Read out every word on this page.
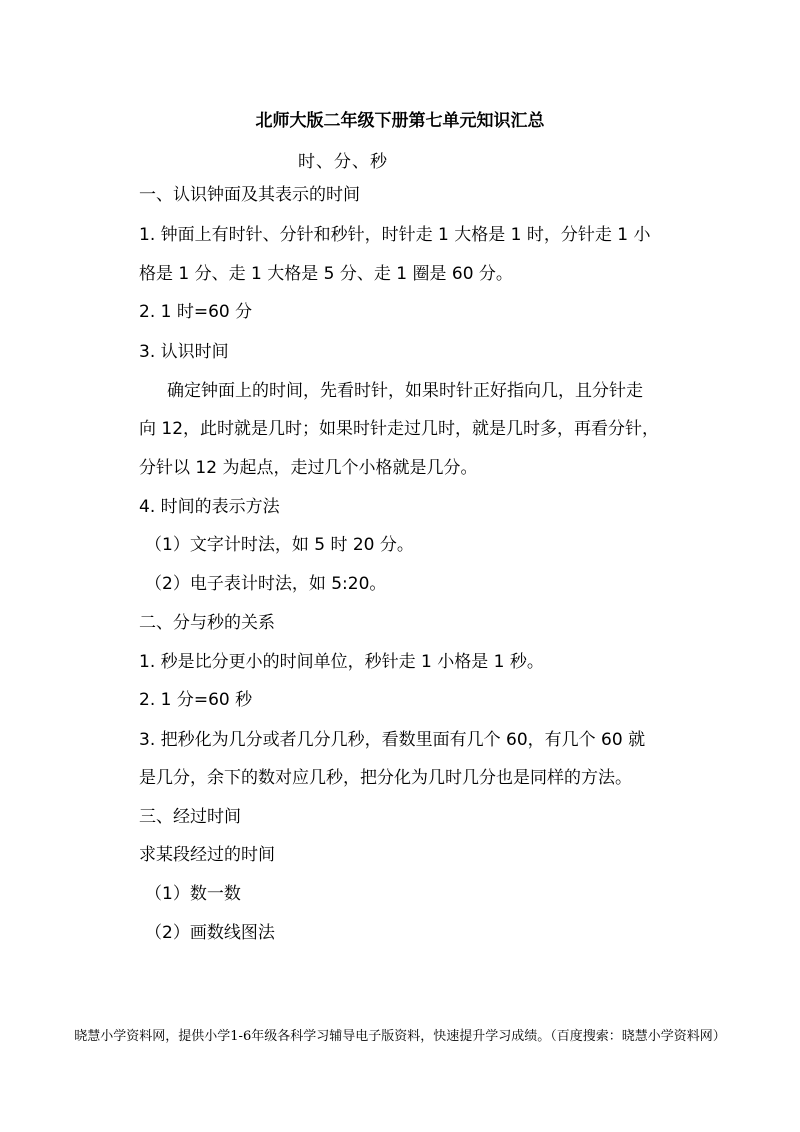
北师大版二年级下册第七单元知识汇总
时、分、秒
一、认识钟面及其表示的时间
1. 钟面上有时针、分针和秒针，时针走 1 大格是 1 时，分针走 1 小
格是 1 分、走 1 大格是 5 分、走 1 圈是 60 分。
2. 1 时=60 分
3. 认识时间
确定钟面上的时间，先看时针，如果时针正好指向几，且分针走
向 12，此时就是几时；如果时针走过几时，就是几时多，再看分针，
分针以 12 为起点，走过几个小格就是几分。
4. 时间的表示方法
（1）文字计时法，如 5 时 20 分。
（2）电子表计时法，如 5:20。
二、分与秒的关系
1. 秒是比分更小的时间单位，秒针走 1 小格是 1 秒。
2. 1 分=60 秒
3. 把秒化为几分或者几分几秒，看数里面有几个 60，有几个 60 就
是几分，余下的数对应几秒，把分化为几时几分也是同样的方法。
三、经过时间
求某段经过的时间
（1）数一数
（2）画数线图法
晓慧小学资料网，提供小学1-6年级各科学习辅导电子版资料，快速提升学习成绩。（百度搜索：晓慧小学资料网）
